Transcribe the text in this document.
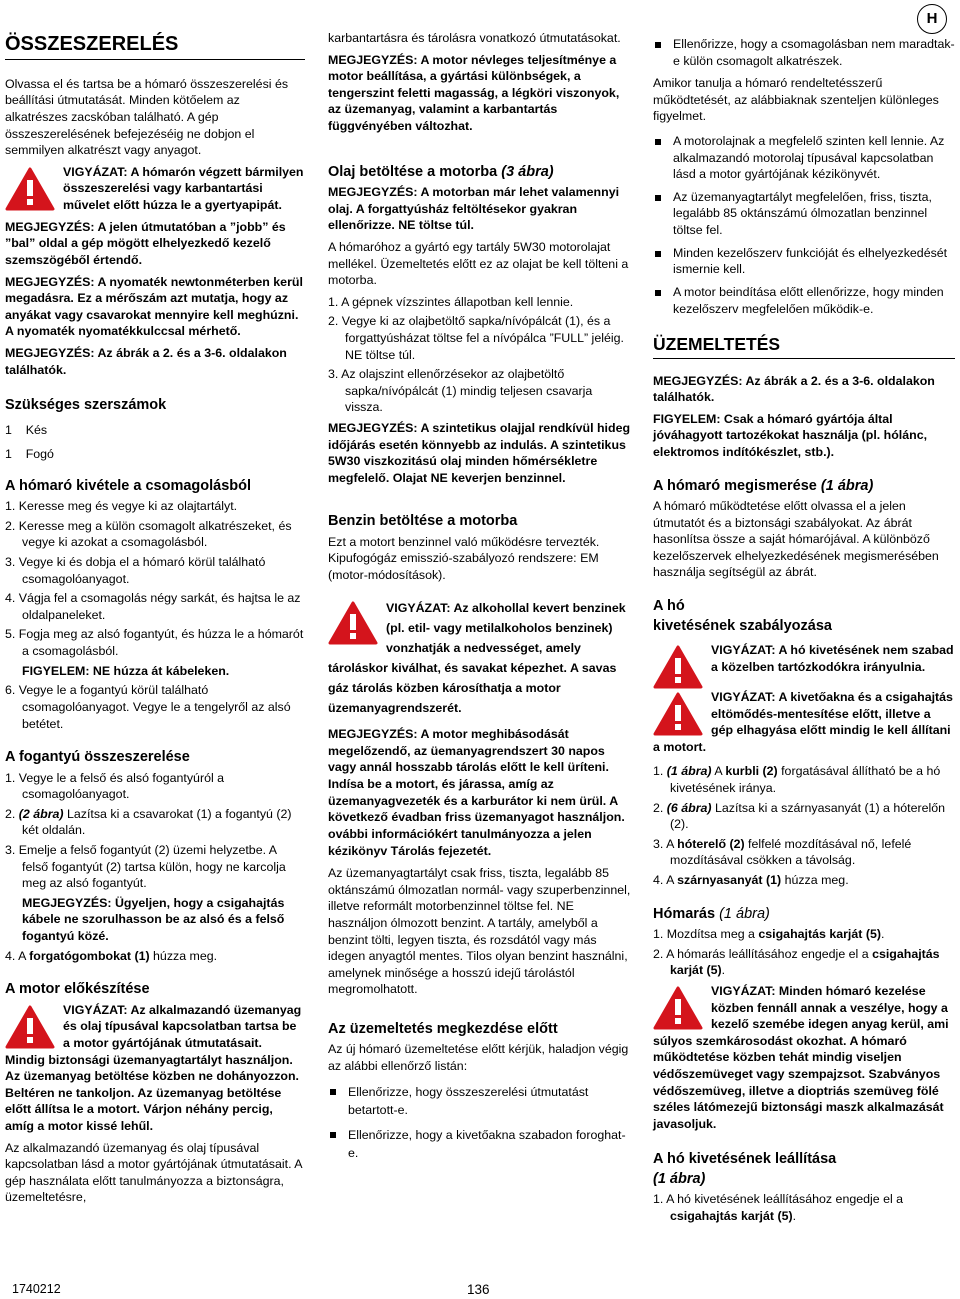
H
ÖSSZESZERELÉS

Olvassa el és tartsa be a hómaró összeszerelési és beállítási útmutatását. Minden kötőelem az alkatrészes zacskóban található. A gép összeszerelésének befejezéséig ne dobjon el semmilyen alkatrészt vagy anyagot.

VIGYÁZAT: A hómarón végzett bármilyen összeszerelési vagy karbantartási művelet előtt húzza le a gyertyapipát.

MEGJEGYZÉS: A jelen útmutatóban a ”jobb” és ”bal” oldal a gép mögött elhelyezkedő kezelő szemszögéből értendő.

MEGJEGYZÉS: A nyomaték newtonméterben kerül megadásra. Ez a mérőszám azt mutatja, hogy az anyákat vagy csavarokat mennyire kell meghúzni. A nyomaték nyomatékkulccsal mérhető.

MEGJEGYZÉS: Az ábrák a 2. és a 3-6. oldalakon találhatók.

Szükséges szerszámok

1 Kés

1 Fogó

A hómaró kivétele a csomagolásból
1. Keresse meg és vegye ki az olajtartályt.
2. Keresse meg a külön csomagolt alkatrészeket, és vegye ki azokat a csomagolásból.
3. Vegye ki és dobja el a hómaró körül található csomagolóanyagot.
4. Vágja fel a csomagolás négy sarkát, és hajtsa le az oldalpaneleket.
5. Fogja meg az alsó fogantyút, és húzza le a hómarót a csomagolásból.
FIGYELEM: NE húzza át kábeleken.
6. Vegye le a fogantyú körül található csomagolóanyagot. Vegye le a tengelyről az alsó betétet.
A fogantyú összeszerelése
1. Vegye le a felső és alsó fogantyúról a csomagolóanyagot.
2. (2 ábra) Lazítsa ki a csavarokat (1) a fogantyú (2) két oldalán.
3. Emelje a felső fogantyút (2) üzemi helyzetbe. A felső fogantyút (2) tartsa külön, hogy ne karcolja meg az alsó fogantyút.
MEGJEGYZÉS: Ügyeljen, hogy a csigahajtás kábele ne szorulhasson be az alsó és a felső fogantyú közé.
4. A forgatógombokat (1) húzza meg.
A motor előkészítése

VIGYÁZAT: Az alkalmazandó üzemanyag és olaj típusával kapcsolatban tartsa be a motor gyártójának útmutatásait. Mindig biztonsági üzemanyagtartályt használjon. Az üzemanyag betöltése közben ne dohányozzon. Beltéren ne tankoljon. Az üzemanyag betöltése előtt állítsa le a motort. Várjon néhány percig, amíg a motor kissé lehűl.

Az alkalmazandó üzemanyag és olaj típusával kapcsolatban lásd a motor gyártójának útmutatásait. A gép használata előtt tanulmányozza a biztonságra, üzemeltetésre,

karbantartásra és tárolásra vonatkozó útmutatásokat.

MEGJEGYZÉS: A motor névleges teljesítménye a motor beállítása, a gyártási különbségek, a tengerszint feletti magasság, a légköri viszonyok, az üzemanyag, valamint a karbantartás függvényében változhat.

Olaj betöltése a motorba (3 ábra)

MEGJEGYZÉS: A motorban már lehet valamennyi olaj. A forgattyúsház feltöltésekor gyakran ellenőrizze. NE töltse túl.

A hómaróhoz a gyártó egy tartály 5W30 motorolajat mellékel. Üzemeltetés előtt ez az olajat be kell tölteni a motorba.

1. A gépnek vízszintes állapotban kell lennie.
2. Vegye ki az olajbetöltő sapka/nívópálcát (1), és a forgattyúsházat töltse fel a nívópálca ”FULL” jeléig. NE töltse túl.
3. Az olajszint ellenőrzésekor az olajbetöltő sapka/nívópálcát (1) mindig teljesen csavarja vissza.

MEGJEGYZÉS: A szintetikus olajjal rendkívül hideg időjárás esetén könnyebb az indulás. A szintetikus 5W30 viszkozitású olaj minden hőmérsékletre megfelelő. Olajat NE keverjen benzinnel.

Benzin betöltése a motorba

Ezt a motort benzinnel való működésre tervezték. Kipufogógáz emisszió-szabályozó rendszere: EM (motor-módosítások).

VIGYÁZAT: Az alkohollal kevert benzinek (pl. etil- vagy metilalkoholos benzinek) vonzhatják a nedvességet, amely tároláskor kiválhat, és savakat képezhet. A savas gáz tárolás közben károsíthatja a motor üzemanyagrendszerét.

MEGJEGYZÉS: A motor meghibásodását megelőzendő, az üemanyagrendszert 30 napos vagy annál hosszabb tárolás előtt le kell üríteni. Indísa be a motort, és járassa, amíg az üzemanyagvezeték és a karburátor ki nem ürül. A következő évadban friss üzemanyagot használjon. ovábbi információkért tanulmányozza a jelen kézikönyv Tárolás fejezetét.

Az üzemanyagtartályt csak friss, tiszta, legalább 85 oktánszámú ólmozatlan normál- vagy szuperbenzinnel, illetve reformált motorbenzinnel töltse fel. NE használjon ólmozott benzint. A tartály, amelyből a benzint tölti, legyen tiszta, és rozsdától vagy más idegen anyagtól mentes. Tilos olyan benzint használni, amelynek minősége a hosszú idejű tárolástól megromolhatott.

Az üzemeltetés megkezdése előtt

Az új hómaró üzemeltetése előtt kérjük, haladjon végig az alábbi ellenőrző listán:

Ellenőrizze, hogy összeszerelési útmutatást betartott-e.
Ellenőrizze, hogy a kivetőakna szabadon foroghat-e.
Ellenőrizze, hogy a csomagolásban nem maradtak-e külön csomagolt alkatrészek.

Amikor tanulja a hómaró rendeltetésszerű működtetését, az alábbiaknak szenteljen különleges figyelmet.

A motorolajnak a megfelelő szinten kell lennie. Az alkalmazandó motorolaj típusával kapcsolatban lásd a motor gyártójának kézikönyvét.
Az üzemanyagtartályt megfelelően, friss, tiszta, legalább 85 oktánszámú ólmozatlan benzinnel töltse fel.
Minden kezelőszerv funkcióját és elhelyezkedését ismernie kell.
A motor beindítása előtt ellenőrizze, hogy minden kezelőszerv megfelelően működik-e.
ÜZEMELTETÉS

MEGJEGYZÉS: Az ábrák a 2. és a 3-6. oldalakon találhatók.

FIGYELEM: Csak a hómaró gyártója által jóváhagyott tartozékokat használja (pl. hólánc, elektromos indítókészlet, stb.).

A hómaró megismerése (1 ábra)

A hómaró működtetése előtt olvassa el a jelen útmutatót és a biztonsági szabályokat. Az ábrát hasonlítsa össze a saját hómarójával. A különböző kezelőszervek elhelyezkedésének megismerésében használja segítségül az ábrát.

A hó
kivetésének szabályozása

VIGYÁZAT: A hó kivetésének nem szabad a közelben tartózkodókra irányulnia.

VIGYÁZAT: A kivetőakna és a csigahajtás eltömődés-mentesítése előtt, illetve a gép elhagyása előtt mindig le kell állítani a motort.

1. (1 ábra) A kurbli (2) forgatásával állítható be a hó kivetésének iránya.
2. (6 ábra) Lazítsa ki a szárnyasanyát (1) a hóterelőn (2).
3. A hóterelő (2) felfelé mozdításával nő, lefelé mozdításával csökken a távolság.
4. A szárnyasanyát (1) húzza meg.
Hómarás (1 ábra)
1. Mozdítsa meg a csigahajtás karját (5).
2. A hómarás leállításához engedje el a csigahajtás karját (5).

VIGYÁZAT: Minden hómaró kezelése közben fennáll annak a veszélye, hogy a kezelő szemébe idegen anyag kerül, ami súlyos szemkárosodást okozhat. A hómaró működtetése közben tehát mindig viseljen védőszemüveget vagy szempajzsot. Szabványos védőszemüveg, illetve a dioptriás szemüveg fölé széles látómezejű biztonsági maszk alkalmazását javasoljuk.

A hó kivetésének leállítása
(1 ábra)
1. A hó kivetésének leállításához engedje el a csigahajtás karját (5).
1740212	136
